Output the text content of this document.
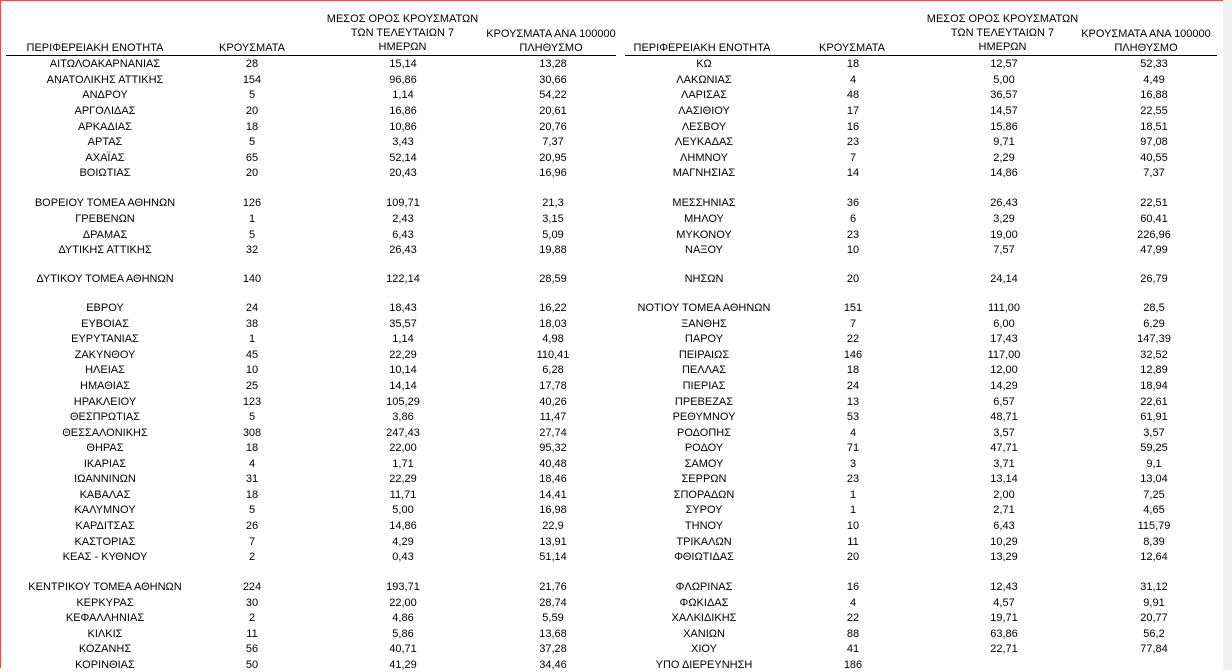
ΠΕΡΙΦΕΡΕΙΑΚΗ ΕΝΟΤΗΤΑ	ΚΡΟΥΣΜΑΤΑ
ΜΕΣΟΣ ΟΡΟΣ ΚΡΟΥΣΜΑΤΩΝ
ΤΩΝ ΤΕΛΕΥΤΑΙΩΝ 7
ΗΜΕΡΩΝ
ΚΡΟΥΣΜΑΤΑ ΑΝΑ 100000
ΠΛΗΘΥΣΜΟ	ΠΕΡΙΦΕΡΕΙΑΚΗ ΕΝΟΤΗΤΑ	ΚΡΟΥΣΜΑΤΑ
ΜΕΣΟΣ ΟΡΟΣ ΚΡΟΥΣΜΑΤΩΝ
ΤΩΝ ΤΕΛΕΥΤΑΙΩΝ 7
ΗΜΕΡΩΝ
ΚΡΟΥΣΜΑΤΑ ΑΝΑ 100000
ΠΛΗΘΥΣΜΟ
ΑΙΤΩΛΟΑΚΑΡΝΑΝΙΑΣ	28	15,14	13,28
ΑΝΑΤΟΛΙΚΗΣ ΑΤΤΙΚΗΣ	154	96,86	30,66
ΑΝΔΡΟΥ	5	1,14	54,22
ΑΡΓΟΛΙΔΑΣ	20	16,86	20,61
ΑΡΚΑΔΙΑΣ	18	10,86	20,76
ΑΡΤΑΣ	5	3,43	7,37
ΑΧΑΪΑΣ	65	52,14	20,95
ΒΟΙΩΤΙΑΣ	20	20,43	16,96
ΒΟΡΕΙΟΥ ΤΟΜΕΑ ΑΘΗΝΩΝ	126	109,71	21,3
ΓΡΕΒΕΝΩΝ	1	2,43	3,15
ΔΡΑΜΑΣ	5	6,43	5,09
ΔΥΤΙΚΗΣ ΑΤΤΙΚΗΣ	32	26,43	19,88
ΔΥΤΙΚΟΥ ΤΟΜΕΑ ΑΘΗΝΩΝ	140	122,14	28,59
ΕΒΡΟΥ	24	18,43	16,22
ΕΥΒΟΙΑΣ	38	35,57	18,03
ΕΥΡΥΤΑΝΙΑΣ	1	1,14	4,98
ΖΑΚΥΝΘΟΥ	45	22,29	110,41
ΗΛΕΙΑΣ	10	10,14	6,28
ΗΜΑΘΙΑΣ	25	14,14	17,78
ΗΡΑΚΛΕΙΟΥ	123	105,29	40,26
ΘΕΣΠΡΩΤΙΑΣ	5	3,86	11,47
ΘΕΣΣΑΛΟΝΙΚΗΣ	308	247,43	27,74
ΘΗΡΑΣ	18	22,00	95,32
ΙΚΑΡΙΑΣ	4	1,71	40,48
ΙΩΑΝΝΙΝΩΝ	31	22,29	18,46
ΚΑΒΑΛΑΣ	18	11,71	14,41
ΚΑΛΥΜΝΟΥ	5	5,00	16,98
ΚΑΡΔΙΤΣΑΣ	26	14,86	22,9
ΚΑΣΤΟΡΙΑΣ	7	4,29	13,91
ΚΕΑΣ - ΚΥΘΝΟΥ	2	0,43	51,14
ΚΕΝΤΡΙΚΟΥ ΤΟΜΕΑ ΑΘΗΝΩΝ	224	193,71	21,76
ΚΕΡΚΥΡΑΣ	30	22,00	28,74
ΚΕΦΑΛΛΗΝΙΑΣ	2	4,86	5,59
ΚΙΛΚΙΣ	11	5,86	13,68
ΚΟΖΑΝΗΣ	56	40,71	37,28
ΚΟΡΙΝΘΙΑΣ	50	41,29	34,46
ΚΩ	18	12,57	52,33
ΛΑΚΩΝΙΑΣ	4	5,00	4,49
ΛΑΡΙΣΑΣ	48	36,57	16,88
ΛΑΣΙΘΙΟΥ	17	14,57	22,55
ΛΕΣΒΟΥ	16	15,86	18,51
ΛΕΥΚΑΔΑΣ	23	9,71	97,08
ΛΗΜΝΟΥ	7	2,29	40,55
ΜΑΓΝΗΣΙΑΣ	14	14,86	7,37
ΜΕΣΣΗΝΙΑΣ	36	26,43	22,51
ΜΗΛΟΥ	6	3,29	60,41
ΜΥΚΟΝΟΥ	23	19,00	226,96
ΝΑΞΟΥ	10	7,57	47,99
ΝΗΣΩΝ	20	24,14	26,79
ΝΟΤΙΟΥ ΤΟΜΕΑ ΑΘΗΝΩΝ	151	111,00	28,5
ΞΑΝΘΗΣ	7	6,00	6,29
ΠΑΡΟΥ	22	17,43	147,39
ΠΕΙΡΑΙΩΣ	146	117,00	32,52
ΠΕΛΛΑΣ	18	12,00	12,89
ΠΙΕΡΙΑΣ	24	14,29	18,94
ΠΡΕΒΕΖΑΣ	13	6,57	22,61
ΡΕΘΥΜΝΟΥ	53	48,71	61,91
ΡΟΔΟΠΗΣ	4	3,57	3,57
ΡΟΔΟΥ	71	47,71	59,25
ΣΑΜΟΥ	3	3,71	9,1
ΣΕΡΡΩΝ	23	13,14	13,04
ΣΠΟΡΑΔΩΝ	1	2,00	7,25
ΣΥΡΟΥ	1	2,71	4,65
ΤΗΝΟΥ	10	6,43	115,79
ΤΡΙΚΑΛΩΝ	11	10,29	8,39
ΦΘΙΩΤΙΔΑΣ	20	13,29	12,64
ΦΛΩΡΙΝΑΣ	16	12,43	31,12
ΦΩΚΙΔΑΣ	4	4,57	9,91
ΧΑΛΚΙΔΙΚΗΣ	22	19,71	20,77
ΧΑΝΙΩΝ	88	63,86	56,2
ΧΙΟΥ	41	22,71	77,84
ΥΠΟ ΔΙΕΡΕΥΝΗΣΗ	186
